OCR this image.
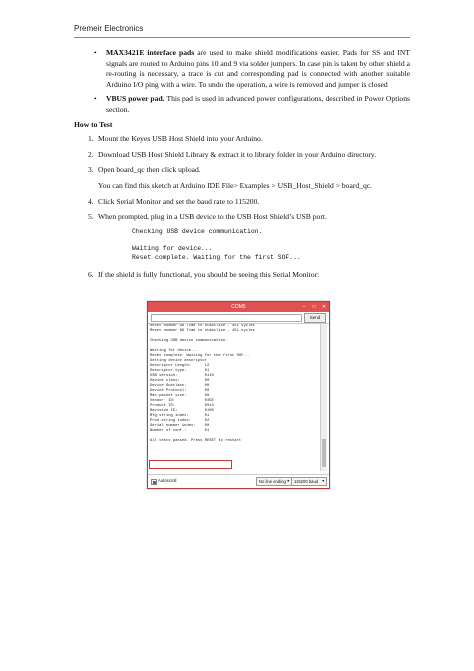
Premeir Electronics

• MAX3421E interface pads are used to make shield modifications easier. Pads for SS and INT signals are routed to Arduino pins 10 and 9 via solder jumpers. In case pin is taken by other shield a re-routing is necessary, a trace is cut and corresponding pad is connected with another suitable Arduino I/O ping with a wire. To undo the operation, a wire is removed and jumper is closed

• VBUS power pad. This pad is used in advanced power configurations, described in Power Options section.

How to Test

1. Mount the Keyes USB Host Shield into your Arduino.

2. Download USB Host Shield Library & extract it to library folder in your Arduino directory.

3. Open board_qc then click upload.

You can find this sketch at Arduino IDE File> Examples > USB_Host_Shield > board_qc.

4. Click Serial Monitor and set the baud rate to 115200.

5. When prompted, plug in a USB device to the USB Host Shield’s USB port.

Checking USB device communication.

Waiting for device...
Reset complete. Waiting for the first SOF...

6. If the shield is fully functional, you should be seeing this Serial Monitor:

COM5	–	□	✕
Send
Reset number 98 Time to stabilize - 451 cycles
Reset number 99 Time to stabilize - 451 cycles
Checking USB device communication.
Waiting for device...
Reset complete. Waiting for the first SOF...
Getting device descriptor
Descriptor Length:      12
Descriptor type:        01
USB version:            0110
Device class:           00
Device Subclass:        00
Device Protocol:        00
Max.packet size:        08
Vendor  ID:             045E
Product ID:             0013
Revision ID:            0100
Mfg.string index:       01
Prod.string index:      02
Serial number index:    00
Number of conf.:        01
All tests passed. Press RESET to restart
Autoscroll	No line ending ▼ 115200 baud ▼
